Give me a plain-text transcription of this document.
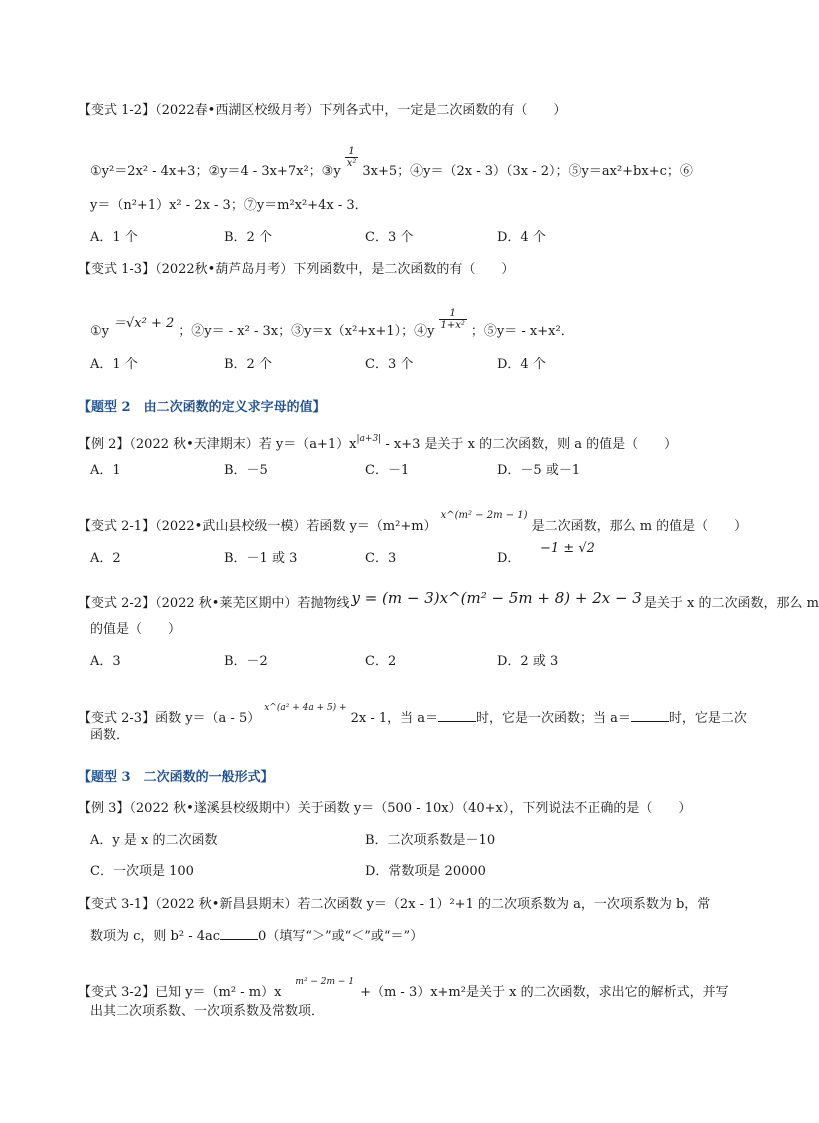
【变式 1-2】（2022春•西湖区校级月考）下列各式中，一定是二次函数的有（　　）
①y²＝2x² - 4x+3；②y＝4 - 3x+7x²；③y
$\frac{1}{\text{x²}}$
3x+5；④y＝（2x - 3）（3x - 2）；⑤y＝ax²+bx+c；⑥
y＝（n²+1）x² - 2x - 3；⑦y＝m²x²+4x - 3．
A．1 个	B．2 个	C．3 个	D．4 个
【变式 1-3】（2022秋•葫芦岛月考）下列函数中，是二次函数的有（　　）
①y＝√x² + 2；②y＝ - x² - 3x；③y＝x（x²+x+1）；④y
$\frac{1}{\text{1+x²}}$
；⑤y＝ - x+x²．
A．1 个	B．2 个	C．3 个	D．4 个
【题型 2　由二次函数的定义求字母的值】
【例 2】（2022 秋•天津期末）若 $y=(a+1)x^{|a+3|} - x+3$ 是关于 x 的二次函数，则 a 的值是（　　）
A．1	B．－5	C．－1	D．－5 或－1
【变式 2-1】（2022•武山县校级一模）若函数 $y=(m^2+m)^{x\^{}(m^2 - 2m - 1)}$是二次函数，那么 m 的值是（　　）
A．2	B．－1 或 3	C．3	D．
−1 ± √2
【变式 2-2】（2022 秋•莱芜区期中）若抛物线 y = (m − 3)x^(m² − 5m + 8) + 2x − 3 是关于 x 的二次函数，那么 m
的值是（　　）
A．3	B．－2	C．2	D．2 或 3
【变式 2-3】函数 y＝（a - 5）$^{x\^{}(a^2 + 4a + 5) +}$2x - 1，当 a＝	时，它是一次函数；当 a＝	时，它是二次
函数．
【题型 3　二次函数的一般形式】
【例 3】（2022 秋•遂溪县校级期中）关于函数 y＝（500 - 10x）（40+x），下列说法不正确的是（　　）
A．y 是 x 的二次函数	B．二次项系数是－10
C．一次项是 100	D．常数项是 20000
【变式 3-1】（2022 秋•新昌县期末）若二次函数 y＝（2x - 1）²+1 的二次项系数为 a，一次项系数为 b，常
数项为 c，则 b² - 4ac	0（填写“＞”或“＜”或“＝”）
【变式 3-2】已知 $y=(m^2 - m)x^{m^2 - 2m - 1}+(m - 3)x+m^2$是关于 x 的二次函数，求出它的解析式，并写
出其二次项系数、一次项系数及常数项．
